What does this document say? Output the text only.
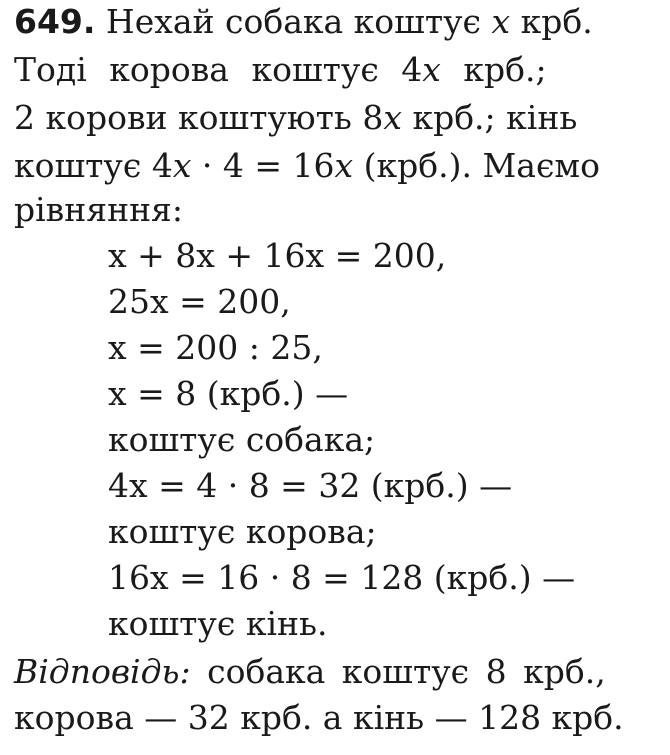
649. Нехай собака коштує x крб.
Тоді корова коштує 4x крб.;
2 корови коштують 8x крб.; кінь
коштує 4x · 4 = 16x (крб.). Маємо
рівняння:
x + 8x + 16x = 200,
25x = 200,
x = 200 : 25,
x = 8 (крб.) —
коштує собака;
4x = 4 · 8 = 32 (крб.) —
коштує корова;
16x = 16 · 8 = 128 (крб.) —
коштує кінь.
Відповідь: собака коштує 8 крб.,
корова — 32 крб. а кінь — 128 крб.
